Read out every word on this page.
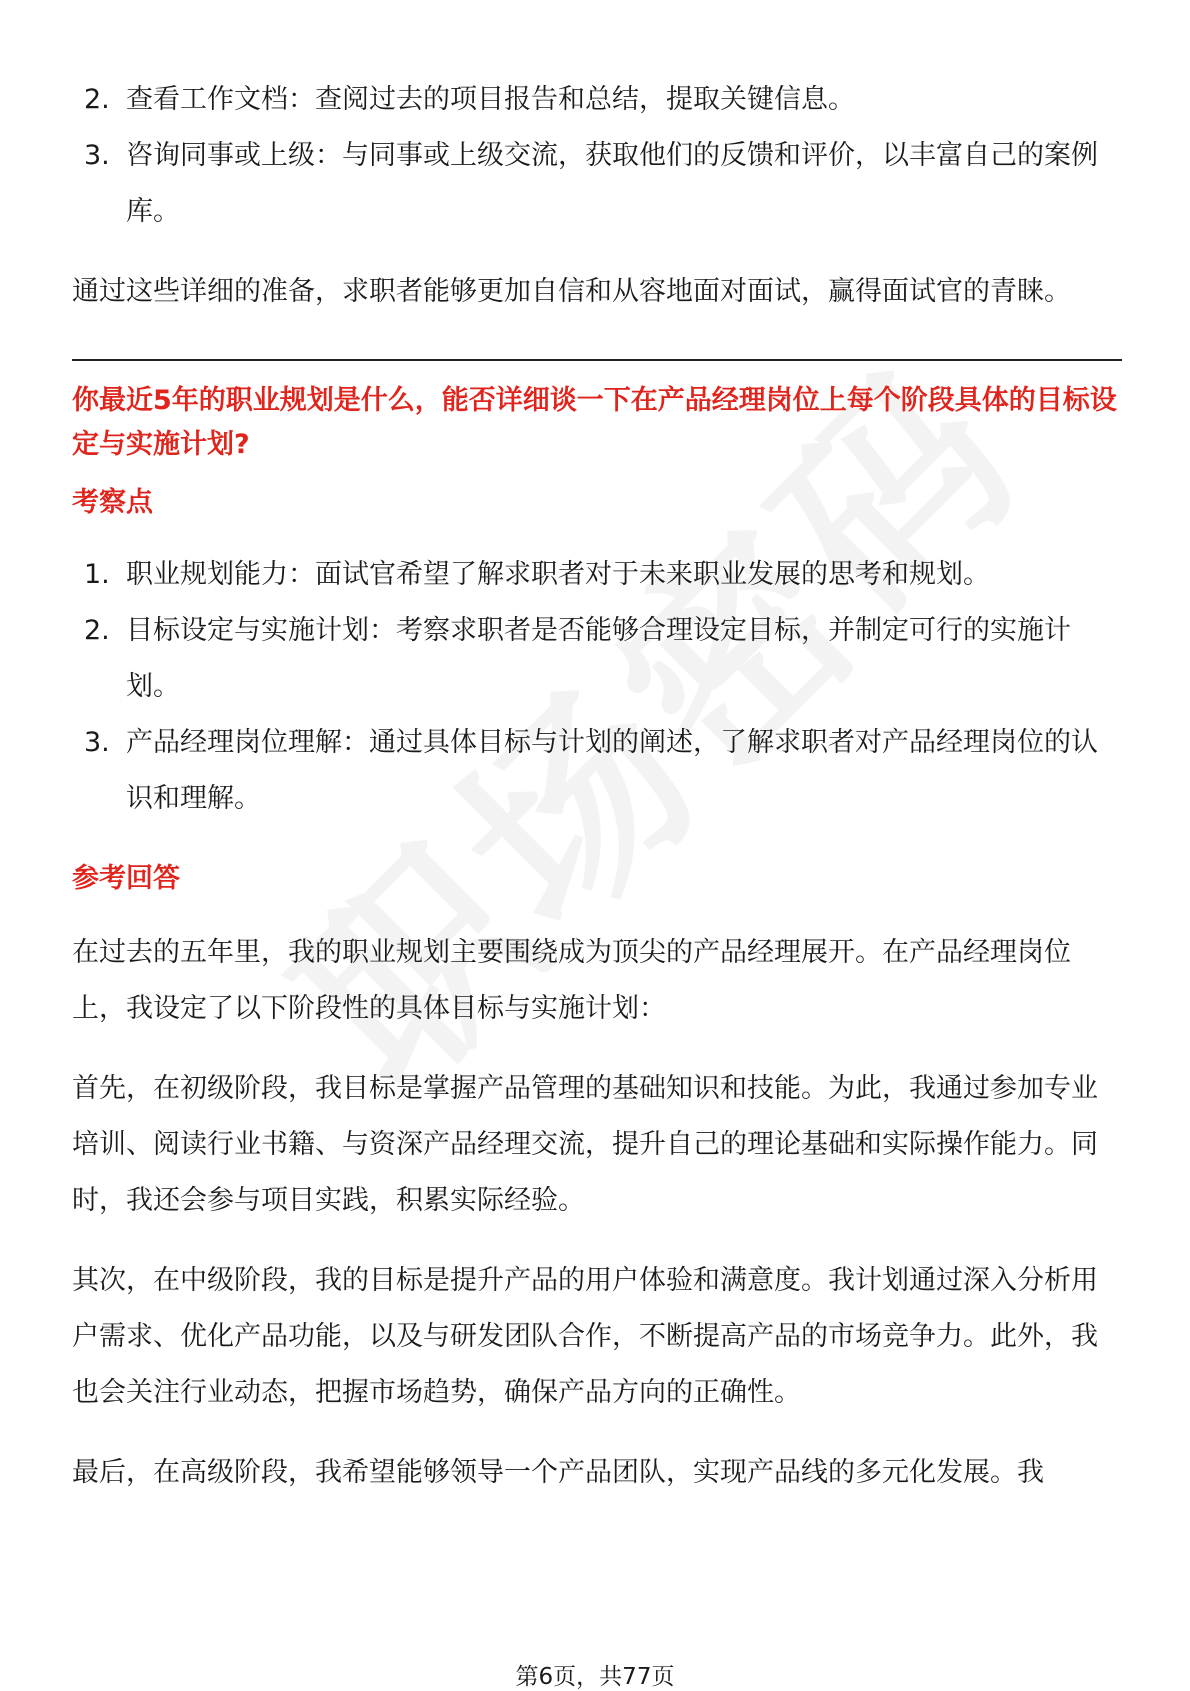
2. 查看工作文档：查阅过去的项目报告和总结，提取关键信息。
3. 咨询同事或上级：与同事或上级交流，获取他们的反馈和评价，以丰富自己的案例库。

通过这些详细的准备，求职者能够更加自信和从容地面对面试，赢得面试官的青睐。

你最近5年的职业规划是什么，能否详细谈一下在产品经理岗位上每个阶段具体的目标设定与实施计划?

考察点

1. 职业规划能力：面试官希望了解求职者对于未来职业发展的思考和规划。
2. 目标设定与实施计划：考察求职者是否能够合理设定目标，并制定可行的实施计划。
3. 产品经理岗位理解：通过具体目标与计划的阐述，了解求职者对产品经理岗位的认识和理解。

参考回答

在过去的五年里，我的职业规划主要围绕成为顶尖的产品经理展开。在产品经理岗位上，我设定了以下阶段性的具体目标与实施计划：

首先，在初级阶段，我目标是掌握产品管理的基础知识和技能。为此，我通过参加专业培训、阅读行业书籍、与资深产品经理交流，提升自己的理论基础和实际操作能力。同时，我还会参与项目实践，积累实际经验。

其次，在中级阶段，我的目标是提升产品的用户体验和满意度。我计划通过深入分析用户需求、优化产品功能，以及与研发团队合作，不断提高产品的市场竞争力。此外，我也会关注行业动态，把握市场趋势，确保产品方向的正确性。

最后，在高级阶段，我希望能够领导一个产品团队，实现产品线的多元化发展。我

第6页，共77页
